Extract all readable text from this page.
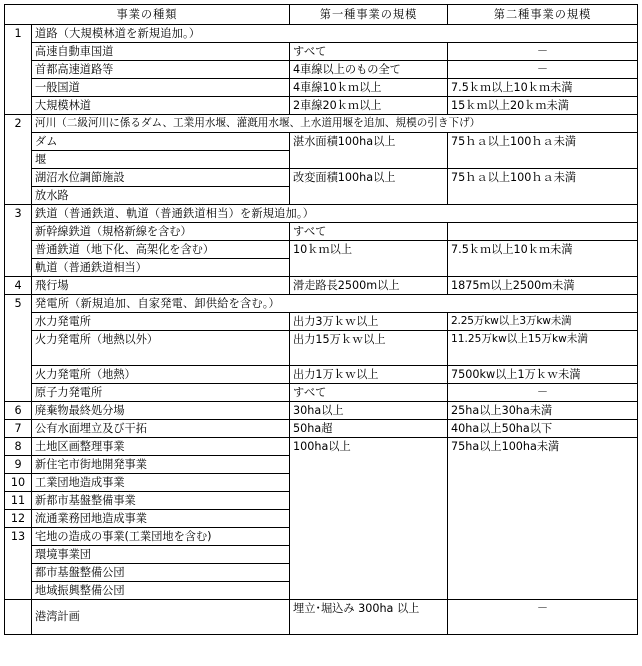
事業の種類		第一種事業の規模	第二種事業の規模
1	道路（大規模林道を新規追加。）		
	高速自動車国道	すべて	－
	首都高速道路等	4車線以上のもの全て	－
	一般国道	4車線10ｋｍ以上	7.5ｋｍ以上10ｋｍ未満
	大規模林道	2車線20ｋｍ以上	15ｋｍ以上20ｋｍ未満
2	河川（二級河川に係るダム、工業用水堰、灌漑用水堰、上水道用堰を追加、規模の引き下げ）		
	ダム	湛水面積100ha以上	75ｈａ以上100ｈａ未満
	堰		
	湖沼水位調節施設	改変面積100ha以上	75ｈａ以上100ｈａ未満
	放水路		
3	鉄道（普通鉄道、軌道（普通鉄道相当）を新規追加。）		
	新幹線鉄道（規格新線を含む）	すべて	
	普通鉄道（地下化、高架化を含む）	10ｋｍ以上	7.5ｋｍ以上10ｋｍ未満
	軌道（普通鉄道相当）		
4	飛行場	滑走路長2500m以上	1875m以上2500m未満
5	発電所（新規追加、自家発電、卸供給を含む。）		
	水力発電所	出力3万ｋｗ以上	2.25万kw以上3万kw未満
	火力発電所（地熱以外）	出力15万ｋｗ以上	11.25万kw以上15万kw未満
	火力発電所（地熱）	出力1万ｋｗ以上	7500kw以上1万ｋｗ未満
	原子力発電所	すべて	－
6	廃棄物最終処分場	30ha以上	25ha以上30ha未満
7	公有水面埋立及び干拓	50ha超	40ha以上50ha以下
8	土地区画整理事業	100ha以上	75ha以上100ha未満
9	新住宅市街地開発事業		
10	工業団地造成事業		
11	新都市基盤整備事業		
12	流通業務団地造成事業		
13	宅地の造成の事業(工業団地を含む)		
	環境事業団		
	都市基盤整備公団		
	地域振興整備公団		
	港湾計画	埋立･堀込み 300ha 以上	－
